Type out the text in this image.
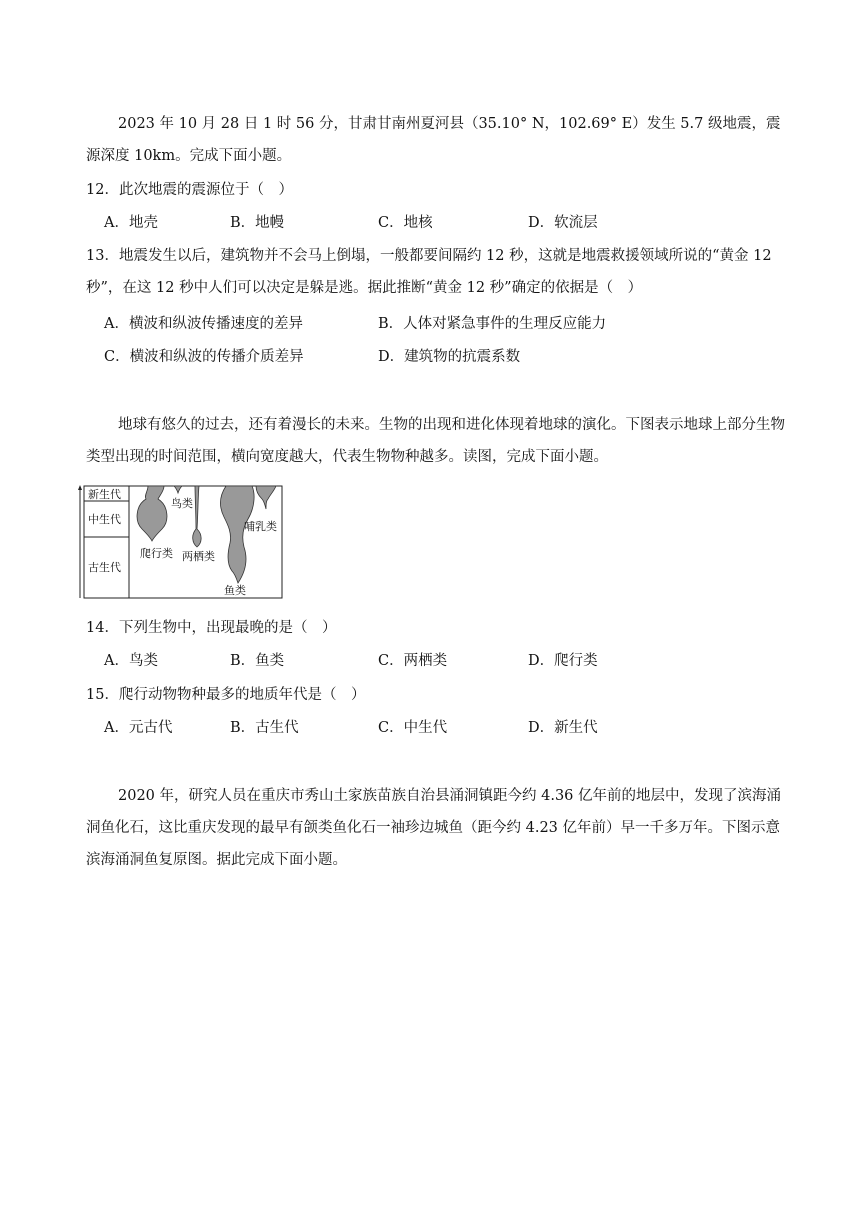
2023 年 10 月 28 日 1 时 56 分，甘肃甘南州夏河县（35.10° N，102.69° E）发生 5.7 级地震，震源深度 10km。完成下面小题。

12．此次地震的震源位于（　）

A．地壳	B．地幔	C．地核	D．软流层

13．地震发生以后，建筑物并不会马上倒塌，一般都要间隔约 12 秒，这就是地震救援领域所说的“黄金 12 秒”，在这 12 秒中人们可以决定是躲是逃。据此推断“黄金 12 秒”确定的依据是（　）

A．横波和纵波传播速度的差异	B．人体对紧急事件的生理反应能力
C．横波和纵波的传播介质差异	D．建筑物的抗震系数

地球有悠久的过去，还有着漫长的未来。生物的出现和进化体现着地球的演化。下图表示地球上部分生物类型出现的时间范围，横向宽度越大，代表生物物种越多。读图，完成下面小题。

新生代
中生代
古生代
鸟类
哺乳类
爬行类 两栖类
鱼类

14．下列生物中，出现最晚的是（　）

A．鸟类	B．鱼类	C．两栖类	D．爬行类

15．爬行动物物种最多的地质年代是（　）

A．元古代	B．古生代	C．中生代	D．新生代

2020 年，研究人员在重庆市秀山土家族苗族自治县涌洞镇距今约 4.36 亿年前的地层中，发现了滨海涌洞鱼化石，这比重庆发现的最早有颌类鱼化石一袖珍边城鱼（距今约 4.23 亿年前）早一千多万年。下图示意滨海涌洞鱼复原图。据此完成下面小题。
